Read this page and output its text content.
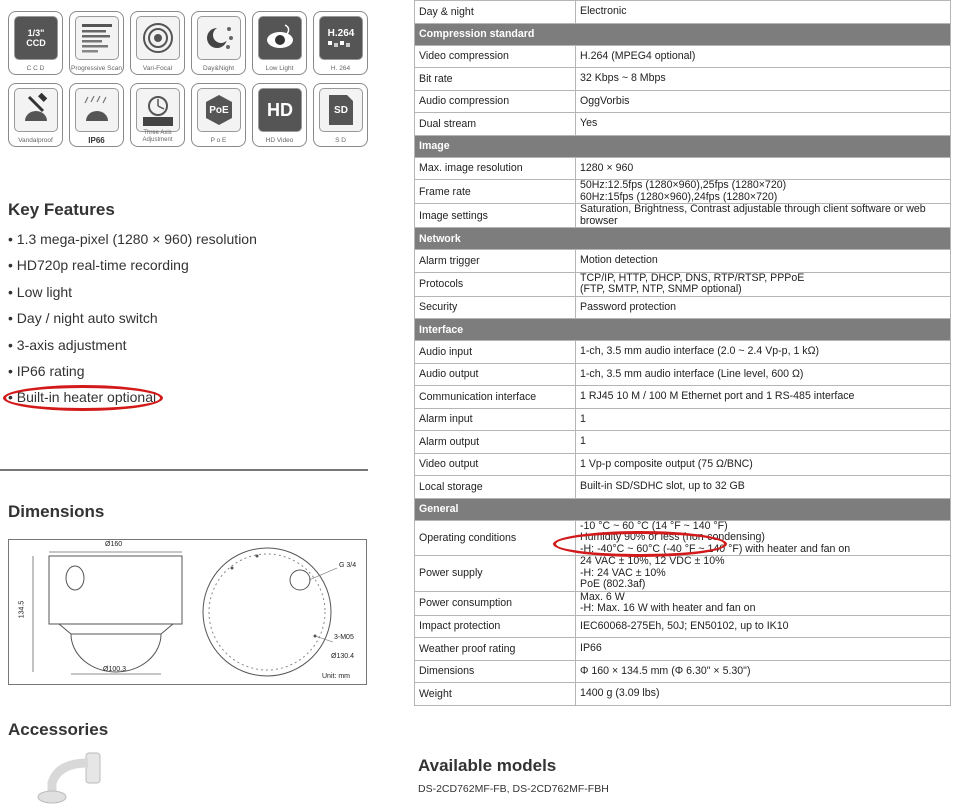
1/3" CCD
C C D	Progressive Scan	Vari-Focal	Day&Night	Low Light
H.264
H. 264
Vandalproof	IP66
Three Axis Adjustment
PoE
P o E
HD
HD Video
SD
S D
Key Features
• 1.3 mega-pixel (1280 × 960) resolution
• HD720p real-time recording
• Low light
• Day / night auto switch
• 3-axis adjustment
• IP66 rating
• Built-in heater optional
Dimensions
Ø160
134.5
Ø100.3
G 3/4
3-M05
Ø130.4
Unit: mm
Accessories
Day & night	Electronic
Compression standard	
Video compression	H.264 (MPEG4 optional)
Bit rate	32 Kbps ~ 8 Mbps
Audio compression	OggVorbis
Dual stream	Yes
Image	
Max. image resolution	1280 × 960
Frame rate	50Hz:12.5fps (1280×960),25fps (1280×720)
60Hz:15fps (1280×960),24fps (1280×720)
Image settings	Saturation, Brightness, Contrast adjustable through client software or web browser
Network	
Alarm trigger	Motion detection
Protocols	TCP/IP, HTTP, DHCP, DNS, RTP/RTSP, PPPoE
(FTP, SMTP, NTP, SNMP optional)
Security	Password protection
Interface	
Audio input	1-ch, 3.5 mm audio interface (2.0 ~ 2.4 Vp-p, 1 kΩ)
Audio output	1-ch, 3.5 mm audio interface (Line level, 600 Ω)
Communication interface	1 RJ45 10 M / 100 M Ethernet port and 1 RS-485 interface
Alarm input	1
Alarm output	1
Video output	1 Vp-p composite output (75 Ω/BNC)
Local storage	Built-in SD/SDHC slot, up to 32 GB
General	
Operating conditions	-10 °C ~ 60 °C (14 °F ~ 140 °F)
Humidity 90% or less (non-condensing)
-H: -40°C ~ 60°C (-40 °F ~ 140 °F) with heater and fan on
Power supply	24 VAC ± 10%, 12 VDC ± 10%
-H: 24 VAC ± 10%
PoE (802.3af)
Power consumption	Max. 6 W
-H: Max. 16 W with heater and fan on
Impact protection	IEC60068-275Eh, 50J; EN50102, up to IK10
Weather proof rating	IP66
Dimensions	Φ 160 × 134.5 mm (Φ 6.30" × 5.30")
Weight	1400 g (3.09 lbs)
Available models
DS-2CD762MF-FB, DS-2CD762MF-FBH
